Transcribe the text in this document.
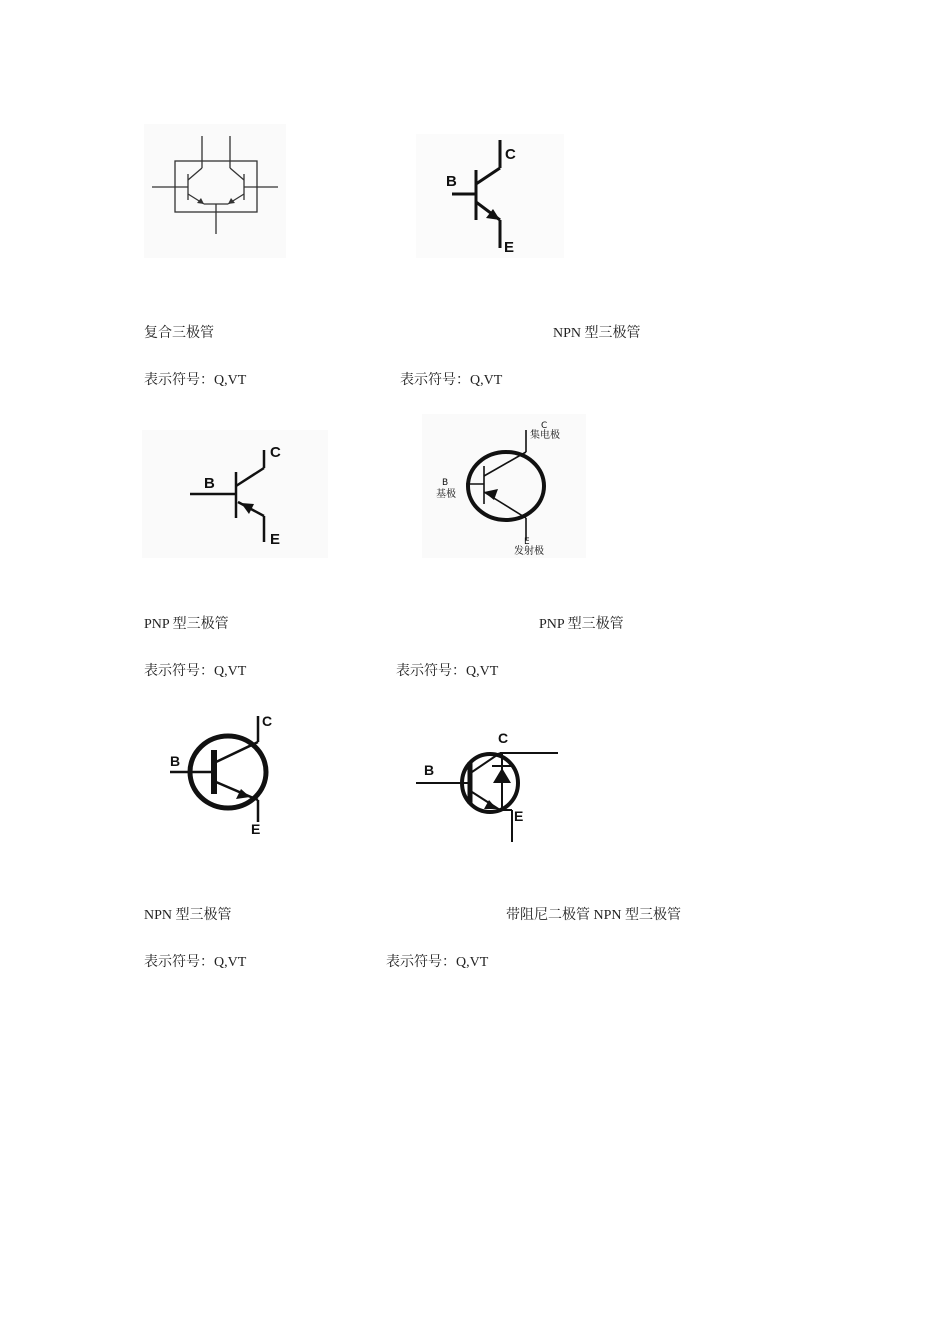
B
C
E
复合三极管	NPN 型三极管
表示符号：Q,VT	表示符号：Q,VT
B
C
E
C
集电极
B
基极
E
发射极
PNP 型三极管	PNP 型三极管
表示符号：Q,VT	表示符号：Q,VT
B
C
E
B
C
E
NPN 型三极管	带阻尼二极管 NPN 型三极管
表示符号：Q,VT	表示符号：Q,VT
